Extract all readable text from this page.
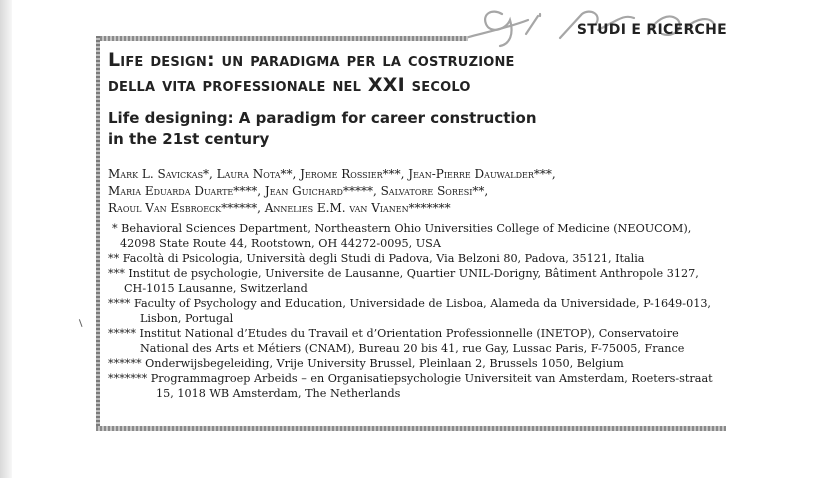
STUDI E RICERCHE
Life design: un paradigma per la costruzione
della vita professionale nel XXI secolo
Life designing: A paradigm for career construction
in the 21st century

Mark L. Savickas*, Laura Nota**, Jerome Rossier***, Jean-Pierre Dauwalder***,
Maria Eduarda Duarte****, Jean Guichard*****, Salvatore Soresi**,
Raoul Van Esbroeck******, Annelies E.M. van Vianen*******

* Behavioral Sciences Department, Northeastern Ohio Universities College of Medicine (NEOUCOM), 42098 State Route 44, Rootstown, OH 44272-0095, USA
** Facoltà di Psicologia, Università degli Studi di Padova, Via Belzoni 80, Padova, 35121, Italia
*** Institut de psychologie, Universite de Lausanne, Quartier UNIL-Dorigny, Bâtiment Anthropole 3127, CH-1015 Lausanne, Switzerland
**** Faculty of Psychology and Education, Universidade de Lisboa, Alameda da Universidade, P-1649-013, Lisbon, Portugal
***** Institut National d’Etudes du Travail et d’Orientation Professionnelle (INETOP), Conservatoire National des Arts et Métiers (CNAM), Bureau 20 bis 41, rue Gay, Lussac Paris, F-75005, France
****** Onderwijsbegeleiding, Vrije University Brussel, Pleinlaan 2, Brussels 1050, Belgium
******* Programmagroep Arbeids – en Organisatiepsychologie Universiteit van Amsterdam, Roeters-straat 15, 1018 WB Amsterdam, The Netherlands
